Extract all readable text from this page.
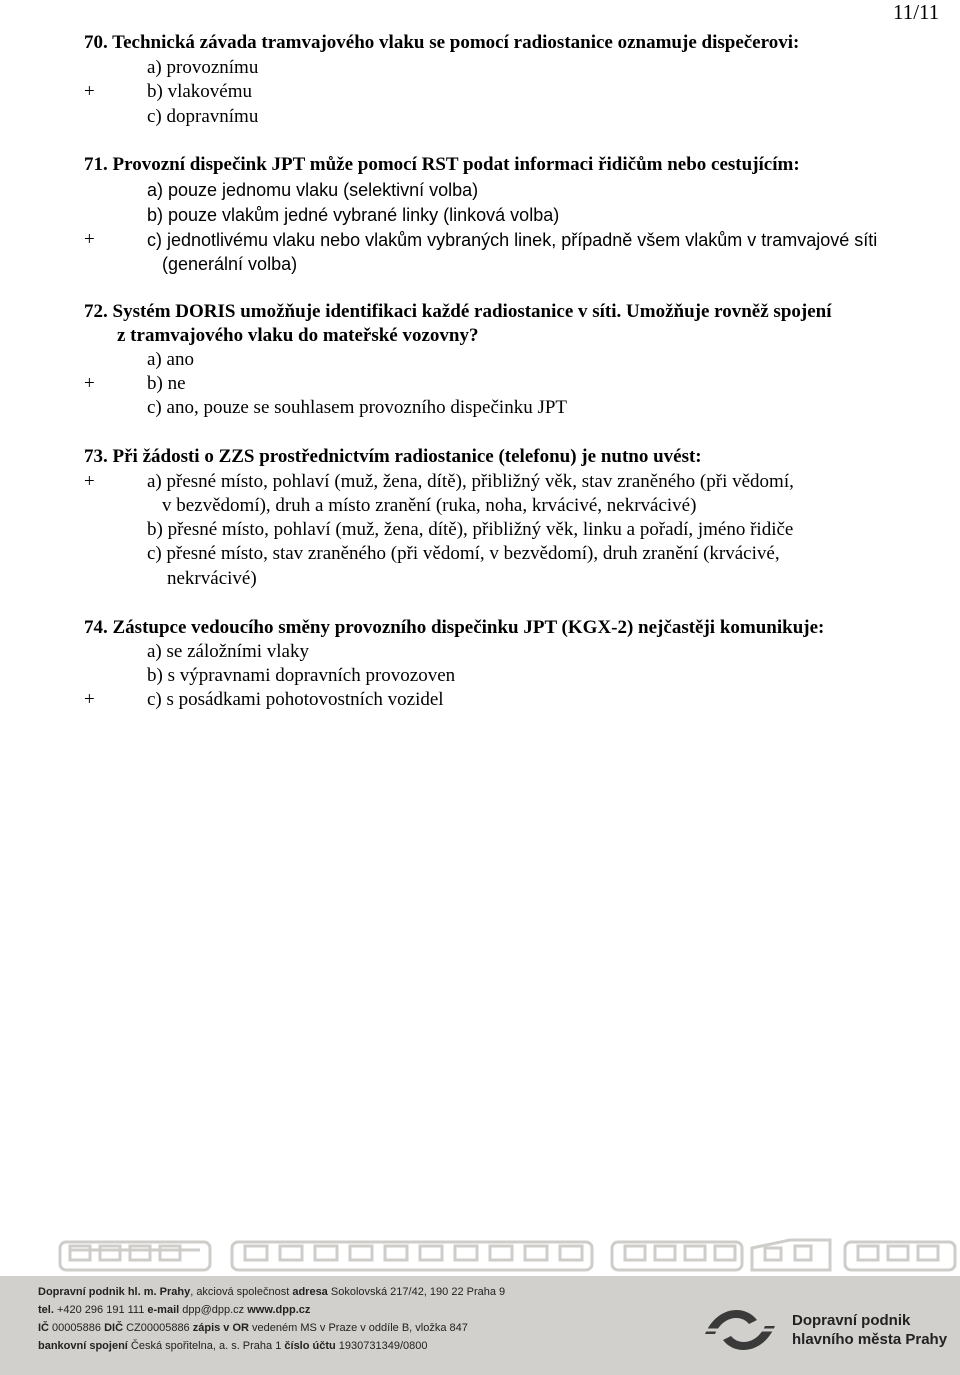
11/11
70. Technická závada tramvajového vlaku se pomocí radiostanice oznamuje dispečerovi:
a) provoznímu
+	b) vlakovému
c) dopravnímu
71. Provozní dispečink JPT může pomocí RST podat informaci řidičům nebo cestujícím:
a) pouze jednomu vlaku (selektivní volba)
b) pouze vlakům jedné vybrané linky (linková volba)
+	c) jednotlivému vlaku nebo vlakům vybraných linek, případně všem vlakům v tramvajové síti
(generální volba)
72. Systém DORIS umožňuje identifikaci každé radiostanice v síti. Umožňuje rovněž spojení
z tramvajového vlaku do mateřské vozovny?
a) ano
+	b) ne
c) ano, pouze se souhlasem provozního dispečinku JPT
73. Při žádosti o ZZS prostřednictvím radiostanice (telefonu) je nutno uvést:
+	a) přesné místo, pohlaví (muž, žena, dítě), přibližný věk, stav zraněného (při vědomí,
v bezvědomí), druh a místo zranění (ruka, noha, krvácivé, nekrvácivé)
b) přesné místo, pohlaví (muž, žena, dítě), přibližný věk, linku a pořadí, jméno řidiče
c) přesné místo, stav zraněného (při vědomí, v bezvědomí), druh zranění (krvácivé,
nekrvácivé)
74. Zástupce vedoucího směny provozního dispečinku JPT (KGX-2) nejčastěji komunikuje:
a) se záložními vlaky
b) s výpravnami dopravních provozoven
+	c) s posádkami pohotovostních vozidel
Dopravní podnik hl. m. Prahy, akciová společnost adresa Sokolovská 217/42, 190 22 Praha 9
tel. +420 296 191 111 e-mail dpp@dpp.cz www.dpp.cz
IČ 00005886 DIČ CZ00005886 zápis v OR vedeném MS v Praze v oddíle B, vložka 847
bankovní spojení Česká spořitelna, a. s. Praha 1 číslo účtu 1930731349/0800
Dopravní podnik
hlavního města Prahy
